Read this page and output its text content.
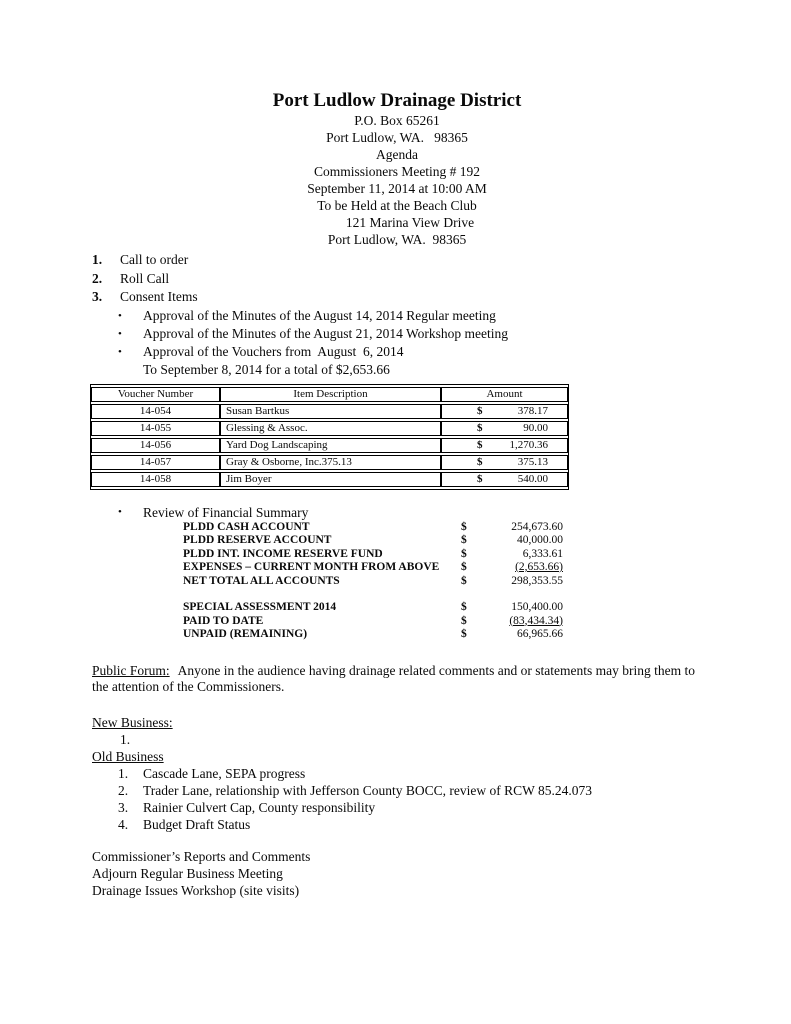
Port Ludlow Drainage District
P.O. Box 65261
Port Ludlow, WA.   98365
Agenda
Commissioners Meeting # 192
September 11, 2014 at 10:00 AM
To be Held at the Beach Club
121 Marina View Drive
Port Ludlow, WA.  98365
1.	Call to order
2.	Roll Call
3.	Consent Items
•
Approval of the Minutes of the August 14, 2014 Regular meeting
•
Approval of the Minutes of the August 21, 2014 Workshop meeting
•
Approval of the Vouchers from  August  6, 2014
To September 8, 2014 for a total of $2,653.66
Voucher Number	Item Description	Amount
14-054	Susan Bartkus	$ 378.17

14-055	Glessing & Assoc.	$ 90.00

14-056	Yard Dog Landscaping	$ 1,270.36

14-057	Gray & Osborne, Inc.375.13	$ 375.13

14-058	Jim Boyer	$ 540.00
•
Review of Financial Summary
PLDD CASH ACCOUNT	$	254,673.60
PLDD RESERVE ACCOUNT	$	40,000.00
PLDD INT. INCOME RESERVE FUND	$	6,333.61
EXPENSES – CURRENT MONTH FROM ABOVE	$	(2,653.66)
NET TOTAL ALL ACCOUNTS	$	298,353.55
SPECIAL ASSESSMENT 2014	$	150,400.00
PAID TO DATE	$	(83,434.34)
UNPAID (REMAINING)	$	66,965.66

Public Forum: Anyone in the audience having drainage related comments and or statements may bring them to the attention of the Commissioners.

New Business:
1.
Old Business
1.	Cascade Lane, SEPA progress
2.	Trader Lane, relationship with Jefferson County BOCC, review of RCW 85.24.073
3.	Rainier Culvert Cap, County responsibility
4.	Budget Draft Status
Commissioner’s Reports and Comments
Adjourn Regular Business Meeting
Drainage Issues Workshop (site visits)
